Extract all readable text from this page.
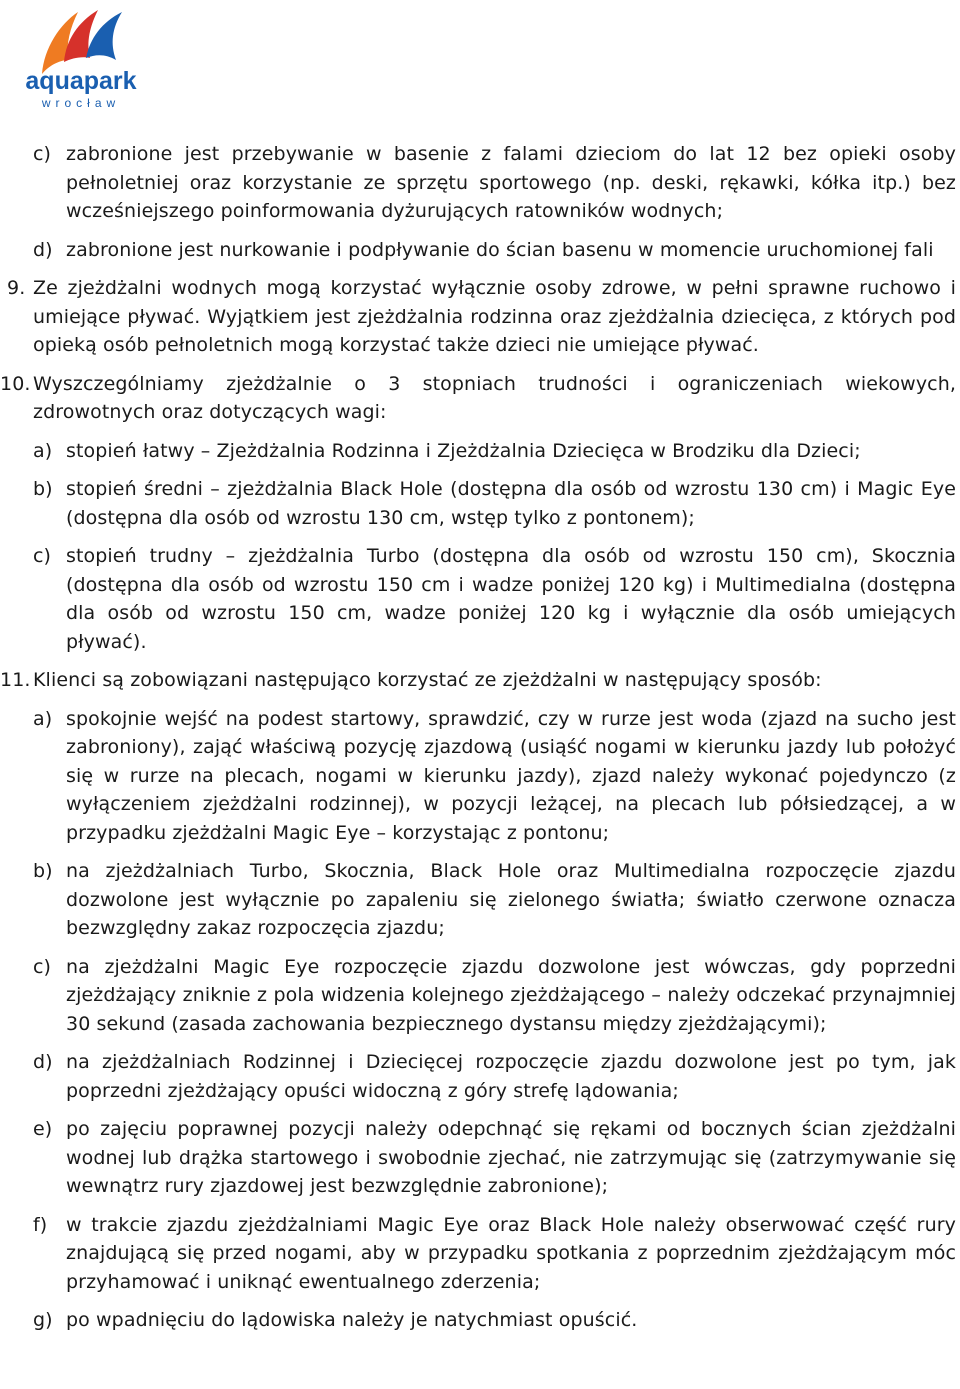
aquapark
wrocław
c) zabronione jest przebywanie w basenie z falami dzieciom do lat 12 bez opieki osoby pełnoletniej oraz korzystanie ze sprzętu sportowego (np. deski, rękawki, kółka itp.) bez wcześniejszego poinformowania dyżurujących ratowników wodnych;
d) zabronione jest nurkowanie i podpływanie do ścian basenu w momencie uruchomionej fali
9. Ze zjeżdżalni wodnych mogą korzystać wyłącznie osoby zdrowe, w pełni sprawne ruchowo i umiejące pływać. Wyjątkiem jest zjeżdżalnia rodzinna oraz zjeżdżalnia dziecięca, z których pod opieką osób pełnoletnich mogą korzystać także dzieci nie umiejące pływać.
10. Wyszczególniamy zjeżdżalnie o 3 stopniach trudności i ograniczeniach wiekowych, zdrowotnych oraz dotyczących wagi:
a) stopień łatwy – Zjeżdżalnia Rodzinna i Zjeżdżalnia Dziecięca w Brodziku dla Dzieci;
b) stopień średni – zjeżdżalnia Black Hole (dostępna dla osób od wzrostu 130 cm) i Magic Eye (dostępna dla osób od wzrostu 130 cm, wstęp tylko z pontonem);
c) stopień trudny – zjeżdżalnia Turbo (dostępna dla osób od wzrostu 150 cm), Skocznia (dostępna dla osób od wzrostu 150 cm i wadze poniżej 120 kg) i Multimedialna (dostępna dla osób od wzrostu 150 cm, wadze poniżej 120 kg i wyłącznie dla osób umiejących pływać).
11. Klienci są zobowiązani następująco korzystać ze zjeżdżalni w następujący sposób:
a) spokojnie wejść na podest startowy, sprawdzić, czy w rurze jest woda (zjazd na sucho jest zabroniony), zająć właściwą pozycję zjazdową (usiąść nogami w kierunku jazdy lub położyć się w rurze na plecach, nogami w kierunku jazdy), zjazd należy wykonać pojedynczo (z wyłączeniem zjeżdżalni rodzinnej), w pozycji leżącej, na plecach lub półsiedzącej, a w przypadku zjeżdżalni Magic Eye – korzystając z pontonu;
b) na zjeżdżalniach Turbo, Skocznia, Black Hole oraz Multimedialna rozpoczęcie zjazdu dozwolone jest wyłącznie po zapaleniu się zielonego światła; światło czerwone oznacza bezwzględny zakaz rozpoczęcia zjazdu;
c) na zjeżdżalni Magic Eye rozpoczęcie zjazdu dozwolone jest wówczas, gdy poprzedni zjeżdżający zniknie z pola widzenia kolejnego zjeżdżającego – należy odczekać przynajmniej 30 sekund (zasada zachowania bezpiecznego dystansu między zjeżdżającymi);
d) na zjeżdżalniach Rodzinnej i Dziecięcej rozpoczęcie zjazdu dozwolone jest po tym, jak poprzedni zjeżdżający opuści widoczną z góry strefę lądowania;
e) po zajęciu poprawnej pozycji należy odepchnąć się rękami od bocznych ścian zjeżdżalni wodnej lub drążka startowego i swobodnie zjechać, nie zatrzymując się (zatrzymywanie się wewnątrz rury zjazdowej jest bezwzględnie zabronione);
f) w trakcie zjazdu zjeżdżalniami Magic Eye oraz Black Hole należy obserwować część rury znajdującą się przed nogami, aby w przypadku spotkania z poprzednim zjeżdżającym móc przyhamować i uniknąć ewentualnego zderzenia;
g) po wpadnięciu do lądowiska należy je natychmiast opuścić.
